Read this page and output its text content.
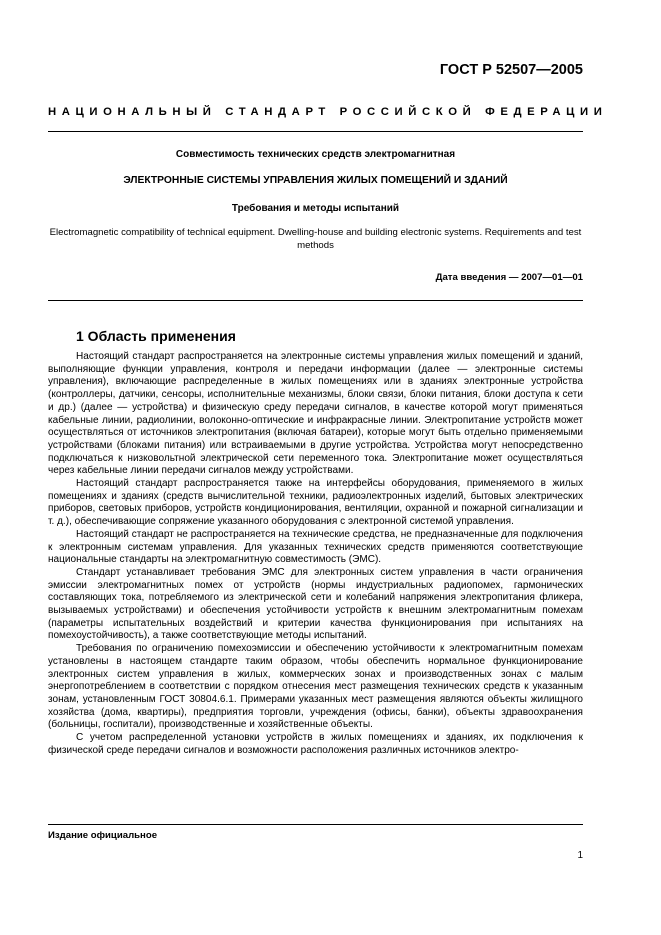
ГОСТ Р 52507—2005
НАЦИОНАЛЬНЫЙ СТАНДАРТ РОССИЙСКОЙ ФЕДЕРАЦИИ
Совместимость технических средств электромагнитная
ЭЛЕКТРОННЫЕ СИСТЕМЫ УПРАВЛЕНИЯ ЖИЛЫХ ПОМЕЩЕНИЙ И ЗДАНИЙ
Требования и методы испытаний
Electromagnetic compatibility of technical equipment. Dwelling-house and building electronic systems. Requirements and test methods
Дата введения — 2007—01—01
1 Область применения

Настоящий стандарт распространяется на электронные системы управления жилых помещений и зданий, выполняющие функции управления, контроля и передачи информации (далее — электронные системы управления), включающие распределенные в жилых помещениях или в зданиях электронные устройства (контроллеры, датчики, сенсоры, исполнительные механизмы, блоки связи, блоки питания, блоки доступа к сети и др.) (далее — устройства) и физическую среду передачи сигналов, в качестве которой могут применяться кабельные линии, радиолинии, волоконно-оптические и инфракрасные линии. Электропитание устройств может осуществляться от источников электропитания (включая батареи), которые могут быть отдельно применяемыми устройствами (блоками питания) или встраиваемыми в другие устройства. Устройства могут непосредственно подключаться к низковольтной электрической сети переменного тока. Электропитание может осуществляться через кабельные линии передачи сигналов между устройствами.

Настоящий стандарт распространяется также на интерфейсы оборудования, применяемого в жилых помещениях и зданиях (средств вычислительной техники, радиоэлектронных изделий, бытовых электрических приборов, световых приборов, устройств кондиционирования, вентиляции, охранной и пожарной сигнализации и т. д.), обеспечивающие сопряжение указанного оборудования с электронной системой управления.

Настоящий стандарт не распространяется на технические средства, не предназначенные для подключения к электронным системам управления. Для указанных технических средств применяются соответствующие национальные стандарты на электромагнитную совместимость (ЭМС).

Стандарт устанавливает требования ЭМС для электронных систем управления в части ограничения эмиссии электромагнитных помех от устройств (нормы индустриальных радиопомех, гармонических составляющих тока, потребляемого из электрической сети и колебаний напряжения электропитания фликера, вызываемых устройствами) и обеспечения устойчивости устройств к внешним электромагнитным помехам (параметры испытательных воздействий и критерии качества функционирования при испытаниях на помехоустойчивость), а также соответствующие методы испытаний.

Требования по ограничению помехоэмиссии и обеспечению устойчивости к электромагнитным помехам установлены в настоящем стандарте таким образом, чтобы обеспечить нормальное функционирование электронных систем управления в жилых, коммерческих зонах и производственных зонах с малым энергопотреблением в соответствии с порядком отнесения мест размещения технических средств к указанным зонам, установленным ГОСТ 30804.6.1. Примерами указанных мест размещения являются объекты жилищного хозяйства (дома, квартиры), предприятия торговли, учреждения (офисы, банки), объекты здравоохранения (больницы, госпитали), производственные и хозяйственные объекты.

С учетом распределенной установки устройств в жилых помещениях и зданиях, их подключения к физической среде передачи сигналов и возможности расположения различных источников электро-

Издание официальное
1
